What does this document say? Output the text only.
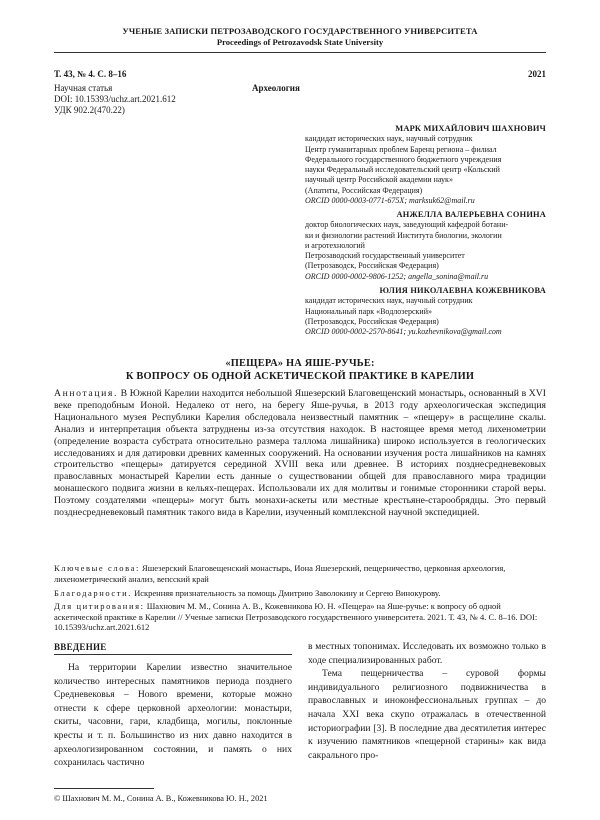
УЧЕНЫЕ ЗАПИСКИ ПЕТРОЗАВОДСКОГО ГОСУДАРСТВЕННОГО УНИВЕРСИТЕТА
Proceedings of Petrozavodsk State University
Т. 43, № 4. С. 8–16	2021
Научная статья	Археология
DOI: 10.15393/uchz.art.2021.612
УДК 902.2(470.22)
МАРК МИХАЙЛОВИЧ ШАХНОВИЧ
кандидат исторических наук, научный сотрудник
Центр гуманитарных проблем Баренц региона – филиал
Федерального государственного бюджетного учреждения
науки Федеральный исследовательский центр «Кольский
научный центр Российской академии наук»
(Апатиты, Российская Федерация)
ORCID 0000-0003-0771-675X; marksuk62@mail.ru
АНЖЕЛЛА ВАЛЕРЬЕВНА СОНИНА
доктор биологических наук, заведующий кафедрой ботани-
ки и физиологии растений Института биологии, экологии
и агротехнологий
Петрозаводский государственный университет
(Петрозаводск, Российская Федерация)
ORCID 0000-0002-9806-1252; angella_sonina@mail.ru
ЮЛИЯ НИКОЛАЕВНА КОЖЕВНИКОВА
кандидат исторических наук, научный сотрудник
Национальный парк «Водлозерский»
(Петрозаводск, Российская Федерация)
ORCID 0000-0002-2570-8641; yu.kozhevnikova@gmail.com
«ПЕЩЕРА» НА ЯШЕ-РУЧЬЕ:
К ВОПРОСУ ОБ ОДНОЙ АСКЕТИЧЕСКОЙ ПРАКТИКЕ В КАРЕЛИИ

Аннотация. В Южной Карелии находится небольшой Яшезерский Благовещенский монастырь, основанный в XVI веке преподобным Ионой. Недалеко от него, на берегу Яше-ручья, в 2013 году археологическая экспедиция Национального музея Республики Карелия обследовала неизвестный памятник – «пещеру» в расщелине скалы. Анализ и интерпретация объекта затруднены из-за отсутствия находок. В настоящее время метод лихенометрии (определение возраста субстрата относительно размера таллома лишайника) широко используется в геологических исследованиях и для датировки древних каменных сооружений. На основании изучения роста лишайников на камнях строительство «пещеры» датируется серединой XVIII века или древнее. В историях позднесредневековых православных монастырей Карелии есть данные о существовании общей для православного мира традиции монашеского подвига жизни в кельях-пещерах. Использовали их для молитвы и гонимые сторонники старой веры. Поэтому создателями «пещеры» могут быть монахи-аскеты или местные крестьяне-старообрядцы. Это первый позднесредневековый памятник такого вида в Карелии, изученный комплексной научной экспедицией.

Ключевые слова: Яшезерский Благовещенский монастырь, Иона Яшезерский, пещерничество, церковная археология, лихенометрический анализ, вепсский край
Благодарности. Искренняя признательность за помощь Дмитрию Заволокину и Сергею Винокурову.
Для цитирования: Шахнович М. М., Сонина А. В., Кожевникова Ю. Н. «Пещера» на Яше-ручье: к вопросу об одной аскетической практике в Карелии // Ученые записки Петрозаводского государственного университета. 2021. Т. 43, № 4. С. 8–16. DOI: 10.15393/uchz.art.2021.612
ВВЕДЕНИЕ

На территории Карелии известно значительное количество интересных памятников периода позднего Средневековья – Нового времени, которые можно отнести к сфере церковной археологии: монастыри, скиты, часовни, гари, кладбища, могилы, поклонные кресты и т. п. Большинство из них давно находится в археологизированном состоянии, и память о них сохранилась частично

в местных топонимах. Исследовать их возможно только в ходе специализированных работ.

Тема пещерничества – суровой формы индивидуального религиозного подвижничества в православных и иноконфессиональных группах – до начала XXI века скупо отражалась в отечественной историографии [3]. В последние два десятилетия интерес к изучению памятников «пещерной старины» как вида сакрального про-

© Шахнович М. М., Сонина А. В., Кожевникова Ю. Н., 2021
